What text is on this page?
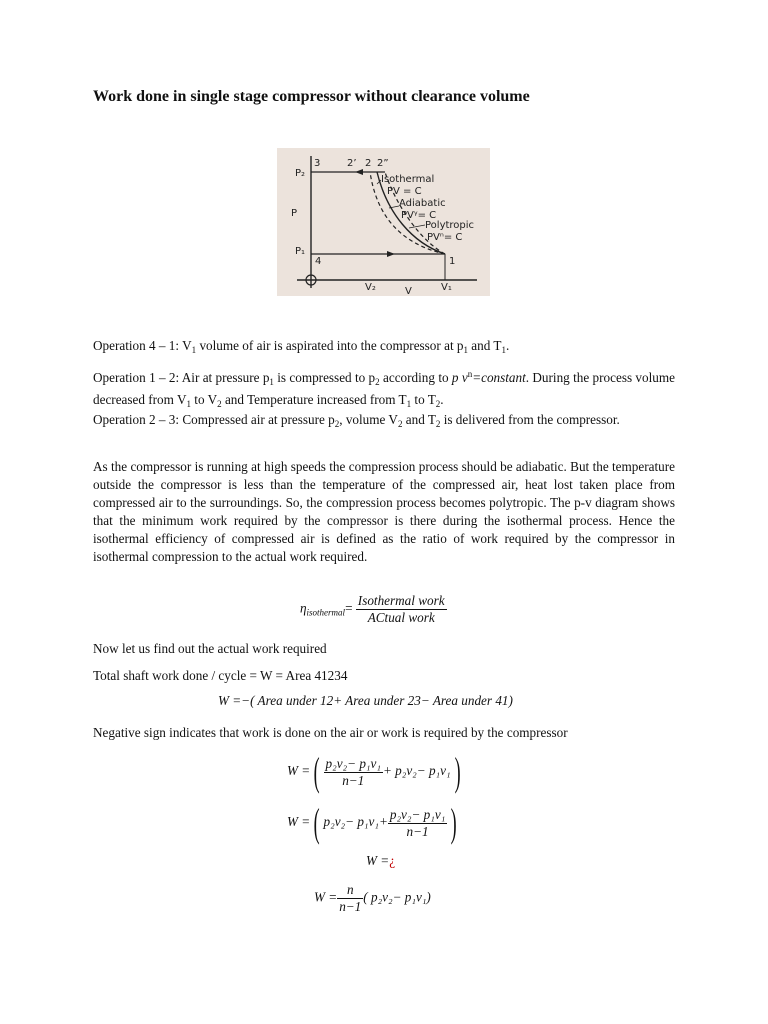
Work done in single stage compressor without clearance volume
P₂
P
P₁
3	2’ 2 2”
4	1
V₂	V	V₁
Isothermal
PV = C
Adiabatic
PVᵞ= C
Polytropic
PVⁿ= C

Operation 4 – 1: $V_1$ volume of air is aspirated into the compressor at $p_1$ and $T_1$.

Operation 1 – 2: Air at pressure $p_1$ is compressed to $p_2$ according to p $v^n=constant$. During the process volume decreased from $V_1$ to $V_2$ and Temperature increased from $T_1$ to $T_2$.

Operation 2 – 3: Compressed air at pressure $p_2$, volume $V_2$ and $T_2$ is delivered from the compressor.

As the compressor is running at high speeds the compression process should be adiabatic. But the temperature outside the compressor is less than the temperature of the compressed air, heat lost taken place from compressed air to the surroundings. So, the compression process becomes polytropic. The p-v diagram shows that the minimum work required by the compressor is there during the isothermal process. Hence the isothermal efficiency of compressed air is defined as the ratio of work required by the compressor in isothermal compression to the actual work required.

$\eta_{isothermal}= \frac{\text{Isothermal work}}{\text{ACtual work}}$

Now let us find out the actual work required

Total shaft work done / cycle = W = Area 41234

W =−( Area under 12+ Area under 23− Area under 41)

Negative sign indicates that work is done on the air or work is required by the compressor

W =( $\frac{\text{p₂v₂− p₁v₁}}{n-1} + p_2v_2- p_1v_1$)
W =( $p_2v_2- p_1v_1+ \frac{\text{p₂v₂− p₁v₁}}{n-1}$ )
W =¿
$W = \frac{n}{n-1}$ ( p₂v₂− p₁v₁)
